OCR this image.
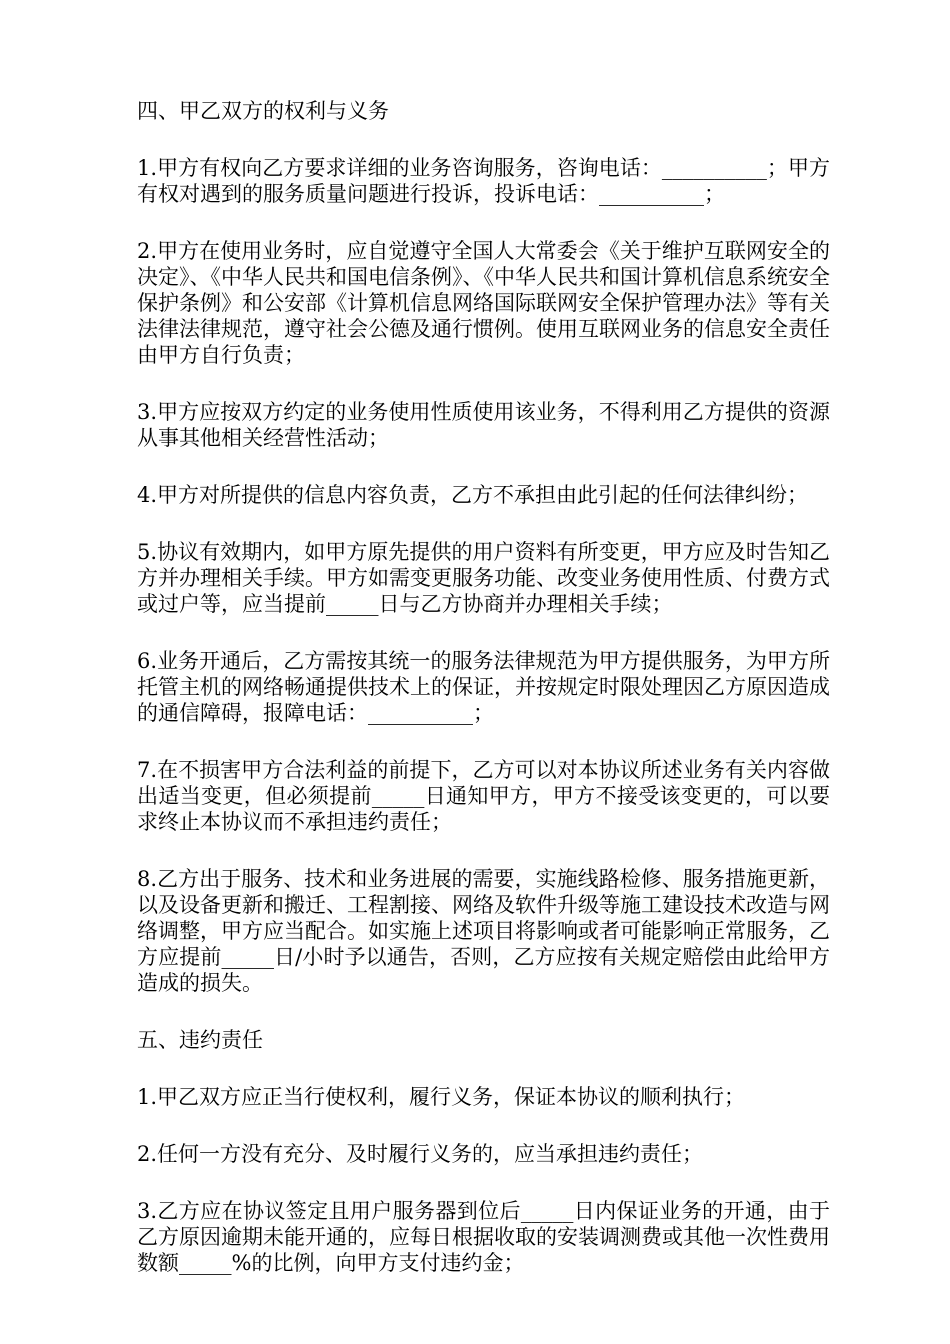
四、甲乙双方的权利与义务

1.甲方有权向乙方要求详细的业务咨询服务，咨询电话：__________；甲方有权对遇到的服务质量问题进行投诉，投诉电话：__________；

2.甲方在使用业务时，应自觉遵守全国人大常委会《关于维护互联网安全的决定》、《中华人民共和国电信条例》、《中华人民共和国计算机信息系统安全保护条例》和公安部《计算机信息网络国际联网安全保护管理办法》等有关法律法律规范，遵守社会公德及通行惯例。使用互联网业务的信息安全责任由甲方自行负责；

3.甲方应按双方约定的业务使用性质使用该业务，不得利用乙方提供的资源从事其他相关经营性活动；

4.甲方对所提供的信息内容负责，乙方不承担由此引起的任何法律纠纷；

5.协议有效期内，如甲方原先提供的用户资料有所变更，甲方应及时告知乙方并办理相关手续。甲方如需变更服务功能、改变业务使用性质、付费方式或过户等，应当提前_____日与乙方协商并办理相关手续；

6.业务开通后，乙方需按其统一的服务法律规范为甲方提供服务，为甲方所托管主机的网络畅通提供技术上的保证，并按规定时限处理因乙方原因造成的通信障碍，报障电话：__________；

7.在不损害甲方合法利益的前提下，乙方可以对本协议所述业务有关内容做出适当变更，但必须提前_____日通知甲方，甲方不接受该变更的，可以要求终止本协议而不承担违约责任；

8.乙方出于服务、技术和业务进展的需要，实施线路检修、服务措施更新，以及设备更新和搬迁、工程割接、网络及软件升级等施工建设技术改造与网络调整，甲方应当配合。如实施上述项目将影响或者可能影响正常服务，乙方应提前_____日/小时予以通告，否则，乙方应按有关规定赔偿由此给甲方造成的损失。

五、违约责任

1.甲乙双方应正当行使权利，履行义务，保证本协议的顺利执行；

2.任何一方没有充分、及时履行义务的，应当承担违约责任；

3.乙方应在协议签定且用户服务器到位后_____日内保证业务的开通，由于乙方原因逾期未能开通的，应每日根据收取的安装调测费或其他一次性费用数额_____%的比例，向甲方支付违约金；
